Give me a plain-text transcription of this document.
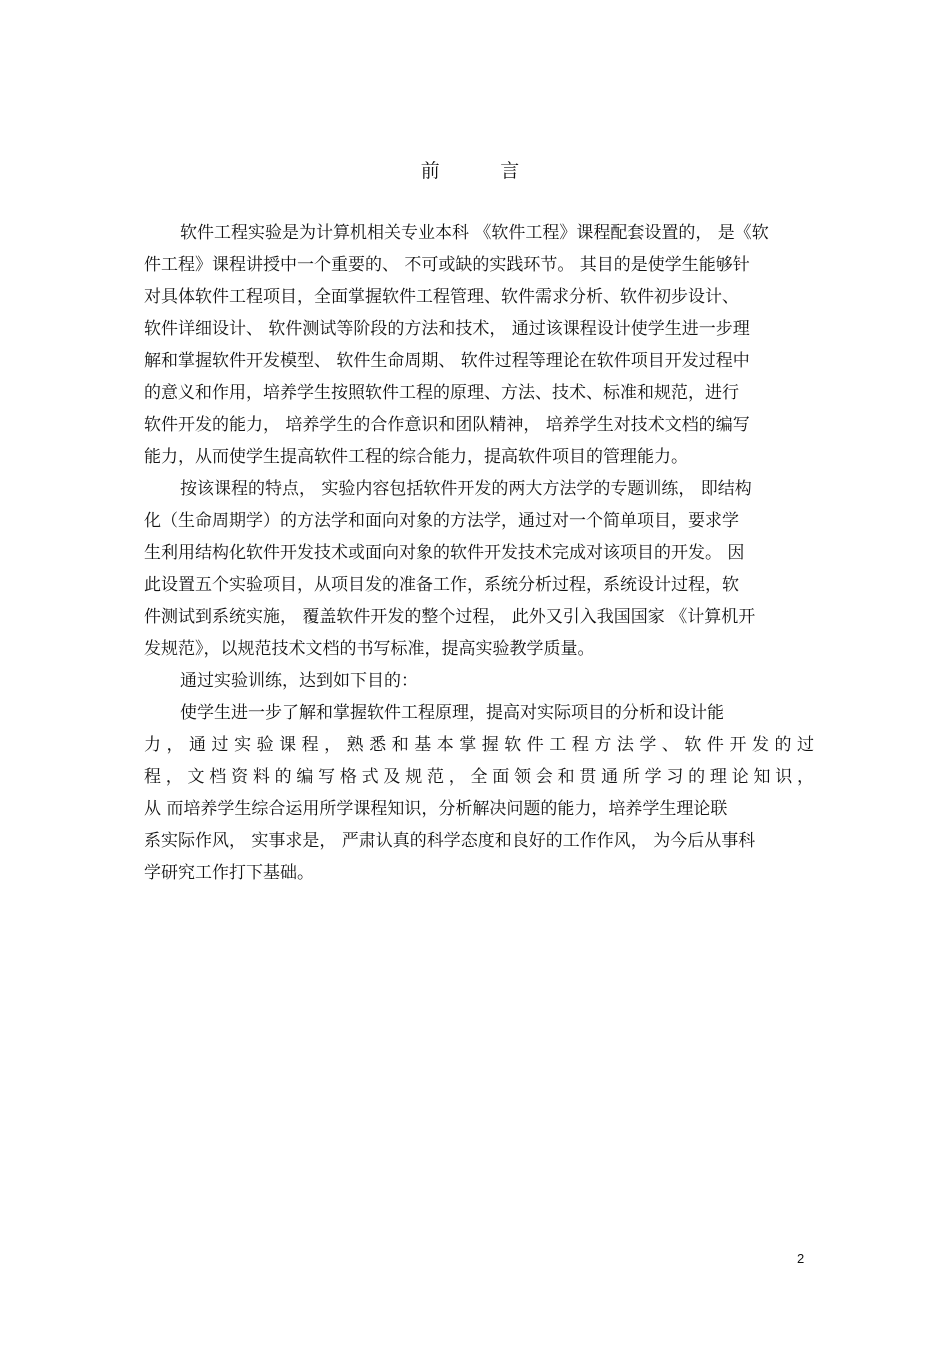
前          言
软件工程实验是为计算机相关专业本科 《软件工程》课程配套设置的， 是《软
件工程》课程讲授中一个重要的、 不可或缺的实践环节。 其目的是使学生能够针
对具体软件工程项目，全面掌握软件工程管理、软件需求分析、软件初步设计、
软件详细设计、 软件测试等阶段的方法和技术， 通过该课程设计使学生进一步理
解和掌握软件开发模型、 软件生命周期、 软件过程等理论在软件项目开发过程中
的意义和作用，培养学生按照软件工程的原理、方法、技术、标准和规范，进行
软件开发的能力， 培养学生的合作意识和团队精神， 培养学生对技术文档的编写
能力，从而使学生提高软件工程的综合能力，提高软件项目的管理能力。
按该课程的特点， 实验内容包括软件开发的两大方法学的专题训练， 即结构
化（生命周期学）的方法学和面向对象的方法学，通过对一个简单项目，要求学
生利用结构化软件开发技术或面向对象的软件开发技术完成对该项目的开发。 因
此设置五个实验项目，从项目发的准备工作，系统分析过程，系统设计过程，软
件测试到系统实施， 覆盖软件开发的整个过程， 此外又引入我国国家 《计算机开
发规范》，以规范技术文档的书写标准，提高实验教学质量。
通过实验训练，达到如下目的：
使学生进一步了解和掌握软件工程原理，提高对实际项目的分析和设计能
力，通过实验课程，熟悉和基本掌握软件工程方法学、软件开发的过
程，文档资料的编写格式及规范，全面领会和贯通所学习的理论知识，
从 而培养学生综合运用所学课程知识，分析解决问题的能力，培养学生理论联
系实际作风， 实事求是， 严肃认真的科学态度和良好的工作作风， 为今后从事科
学研究工作打下基础。
2
